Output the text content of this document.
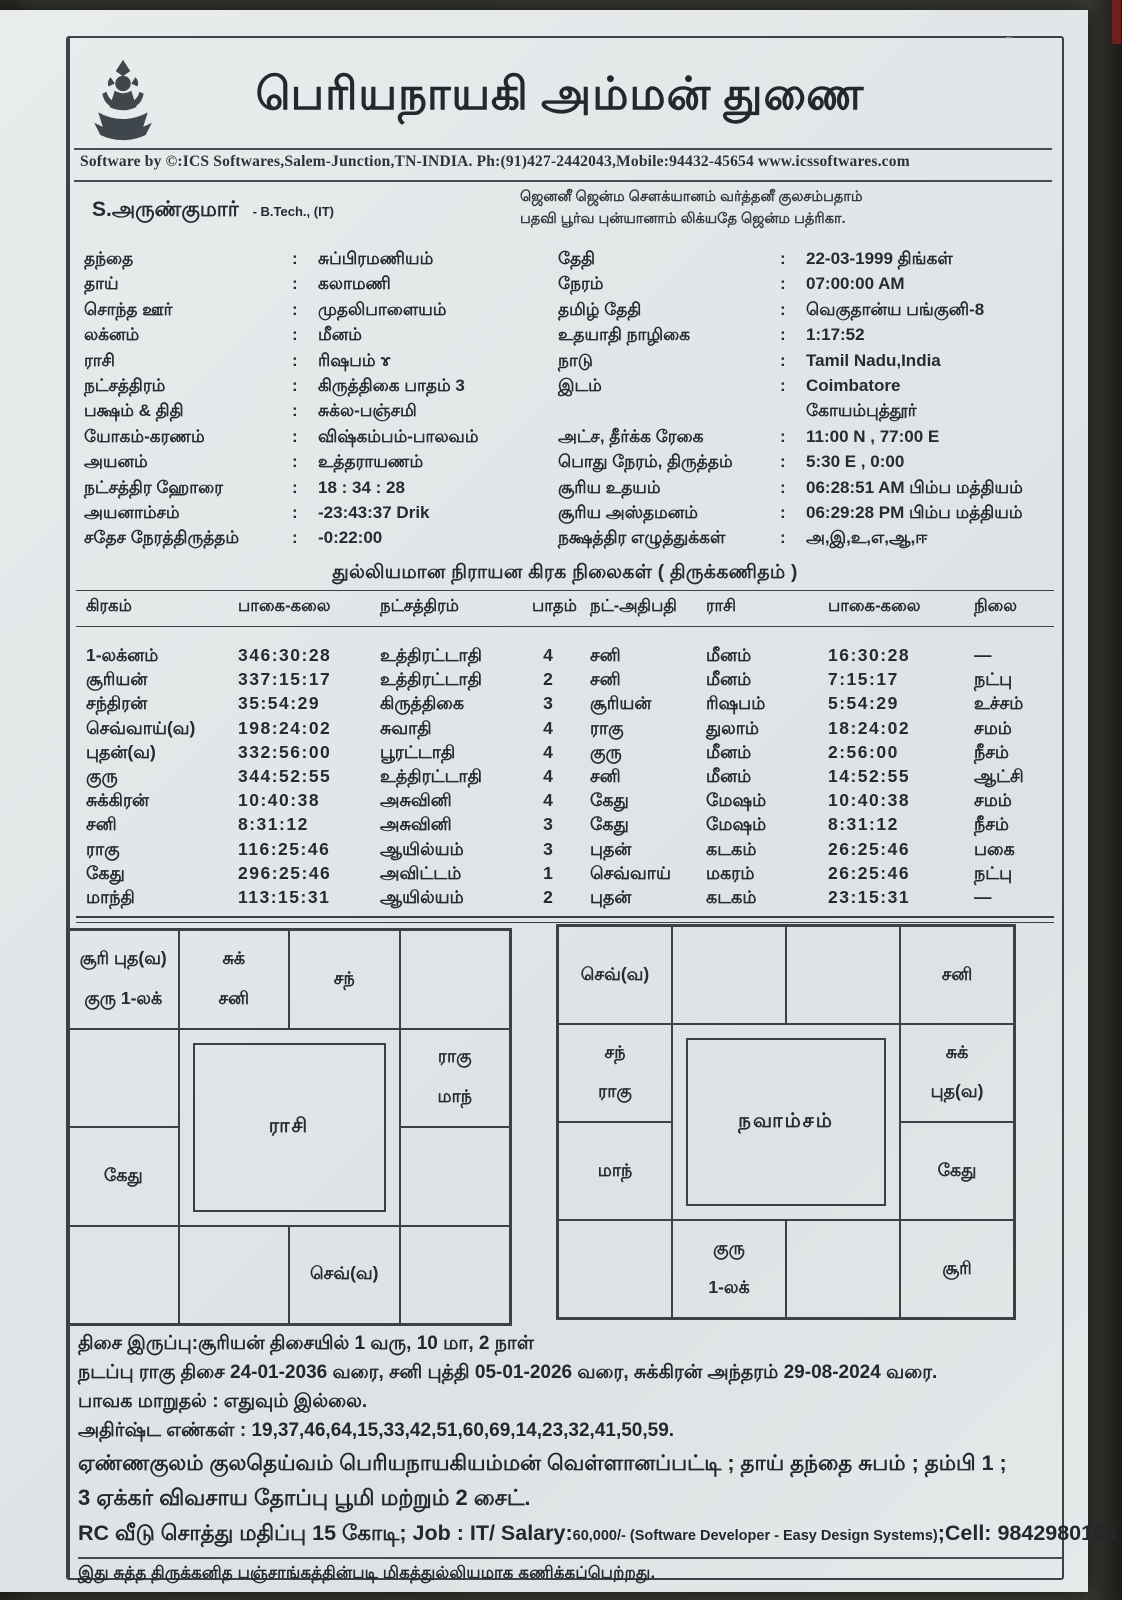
~
பெரியநாயகி அம்மன் துணை
Software by ©:ICS Softwares,Salem-Junction,TN-INDIA. Ph:(91)427-2442043,Mobile:94432-45654 www.icssoftwares.com
S.அருண்குமார் - B.Tech., (IT)
ஜெனனீ ஜென்ம சௌக்யானம் வர்த்தனீ குலசம்பதாம்
பதவி பூர்வ புன்யானாம் லிக்யதே ஜென்ம பத்ரிகா.
தந்தை	:	சுப்பிரமணியம்
தாய்	:	கலாமணி
சொந்த ஊர்	:	முதலிபாளையம்
லக்னம்	:	மீனம்
ராசி	:	ரிஷபம் ɤ
நட்சத்திரம்	:	கிருத்திகை பாதம் 3
பக்ஷம் & திதி	:	சுக்ல-பஞ்சமி
யோகம்-கரணம்	:	விஷ்கம்பம்-பாலவம்
அயனம்	:	உத்தராயணம்
நட்சத்திர ஹோரை	:	18 : 34 : 28
அயனாம்சம்	:	-23:43:37 Drik
சதேச நேரத்திருத்தம்	:	-0:22:00
தேதி	:	22-03-1999 திங்கள்
நேரம்	:	07:00:00 AM
தமிழ் தேதி	:	வெகுதான்ய பங்குனி-8
உதயாதி நாழிகை	:	1:17:52
நாடு	:	Tamil Nadu,India
இடம்	:	Coimbatore
கோயம்புத்தூர்
அட்ச, தீர்க்க ரேகை	:	11:00 N , 77:00 E
பொது நேரம், திருத்தம்	:	5:30 E , 0:00
சூரிய உதயம்	:	06:28:51 AM பிம்ப மத்தியம்
சூரிய அஸ்தமனம்	:	06:29:28 PM பிம்ப மத்தியம்
நக்ஷத்திர எழுத்துக்கள்	:	அ,இ,உ,எ,ஆ,ஈ
துல்லியமான நிராயன கிரக நிலைகள் ( திருக்கணிதம் )
கிரகம்	பாகை-கலை	நட்சத்திரம்	பாதம் நட்-அதிபதி	ராசி	பாகை-கலை	நிலை
1-லக்னம்	346:30:28	உத்திரட்டாதி	4	சனி	மீனம்	16:30:28	—
சூரியன்	337:15:17	உத்திரட்டாதி	2	சனி	மீனம்	7:15:17	நட்பு
சந்திரன்	35:54:29	கிருத்திகை	3	சூரியன்	ரிஷபம்	5:54:29	உச்சம்
செவ்வாய்(வ)	198:24:02	சுவாதி	4	ராகு	துலாம்	18:24:02	சமம்
புதன்(வ)	332:56:00	பூரட்டாதி	4	குரு	மீனம்	2:56:00	நீசம்
குரு	344:52:55	உத்திரட்டாதி	4	சனி	மீனம்	14:52:55	ஆட்சி
சுக்கிரன்	10:40:38	அசுவினி	4	கேது	மேஷம்	10:40:38	சமம்
சனி	8:31:12	அசுவினி	3	கேது	மேஷம்	8:31:12	நீசம்
ராகு	116:25:46	ஆயில்யம்	3	புதன்	கடகம்	26:25:46	பகை
கேது	296:25:46	அவிட்டம்	1	செவ்வாய்	மகரம்	26:25:46	நட்பு
மாந்தி	113:15:31	ஆயில்யம்	2	புதன்	கடகம்	23:15:31	—
சூரி புத(வ)
குரு 1-லக்
சுக்
சனி
சந்
ராசி
ராகு
மாந்
கேது
செவ்(வ)
செவ்(வ)	சனி
சந்
ராகு
நவாம்சம்
சுக்
புத(வ)
மாந்	கேது
குரு
1-லக்
சூரி
திசை இருப்பு:சூரியன் திசையில் 1 வரு, 10 மா, 2 நாள்
நடப்பு ராகு திசை 24-01-2036 வரை, சனி புத்தி 05-01-2026 வரை, சுக்கிரன் அந்தரம் 29-08-2024 வரை.
பாவக மாறுதல் : எதுவும் இல்லை.
அதிர்ஷ்ட எண்கள் : 19,37,46,64,15,33,42,51,60,69,14,23,32,41,50,59.
ஏண்ணகுலம் குலதெய்வம் பெரியநாயகியம்மன் வெள்ளானப்பட்டி ; தாய் தந்தை சுபம் ; தம்பி 1 ;
3 ஏக்கர் விவசாய தோப்பு பூமி மற்றும் 2 சைட்.
RC வீடு சொத்து மதிப்பு 15 கோடி; Job : IT/ Salary:60,000/- (Software Developer - Easy Design Systems);Cell: 9842980184
இது சுத்த திருக்கனித பஞ்சாங்கத்தின்படி மிகத்துல்லியமாக கணிக்கப்பெற்றது.
